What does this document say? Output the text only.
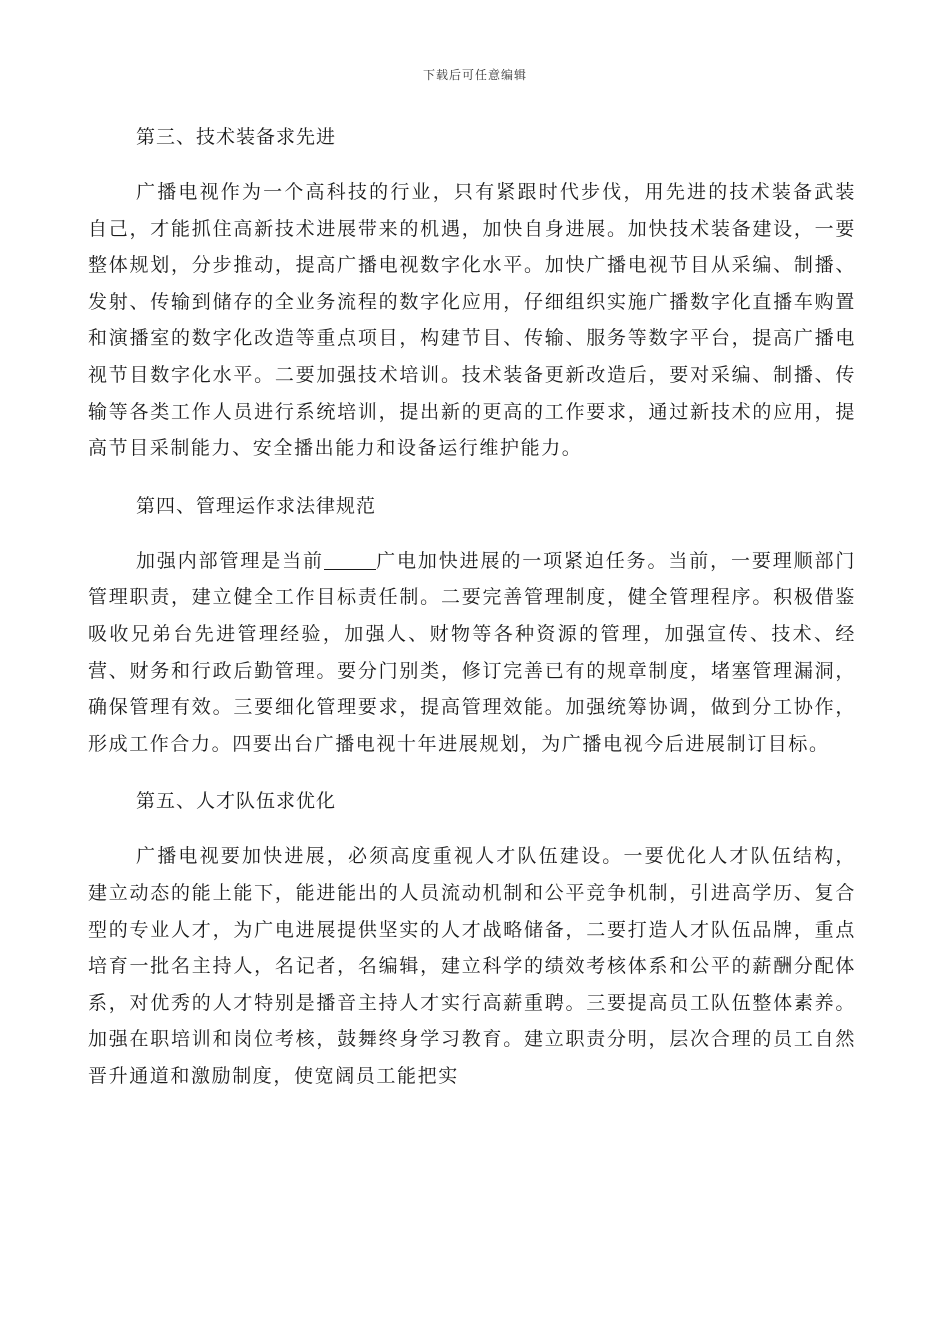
下载后可任意编辑
第三、技术装备求先进

广播电视作为一个高科技的行业，只有紧跟时代步伐，用先进的技术装备武装自己，才能抓住高新技术进展带来的机遇，加快自身进展。加快技术装备建设，一要整体规划，分步推动，提高广播电视数字化水平。加快广播电视节目从采编、制播、发射、传输到储存的全业务流程的数字化应用，仔细组织实施广播数字化直播车购置和演播室的数字化改造等重点项目，构建节目、传输、服务等数字平台，提高广播电视节目数字化水平。二要加强技术培训。技术装备更新改造后，要对采编、制播、传输等各类工作人员进行系统培训，提出新的更高的工作要求，通过新技术的应用，提高节目采制能力、安全播出能力和设备运行维护能力。

第四、管理运作求法律规范

加强内部管理是当前	广电加快进展的一项紧迫任务。当前，一要理顺部门管理职责，建立健全工作目标责任制。二要完善管理制度，健全管理程序。积极借鉴吸收兄弟台先进管理经验，加强人、财物等各种资源的管理，加强宣传、技术、经营、财务和行政后勤管理。要分门别类，修订完善已有的规章制度，堵塞管理漏洞，确保管理有效。三要细化管理要求，提高管理效能。加强统筹协调，做到分工协作，形成工作合力。四要出台广播电视十年进展规划，为广播电视今后进展制订目标。

第五、人才队伍求优化

广播电视要加快进展，必须高度重视人才队伍建设。一要优化人才队伍结构，建立动态的能上能下，能进能出的人员流动机制和公平竞争机制，引进高学历、复合型的专业人才，为广电进展提供坚实的人才战略储备，二要打造人才队伍品牌，重点培育一批名主持人，名记者，名编辑，建立科学的绩效考核体系和公平的薪酬分配体系，对优秀的人才特别是播音主持人才实行高薪重聘。三要提高员工队伍整体素养。加强在职培训和岗位考核，鼓舞终身学习教育。建立职责分明，层次合理的员工自然晋升通道和激励制度，使宽阔员工能把实
